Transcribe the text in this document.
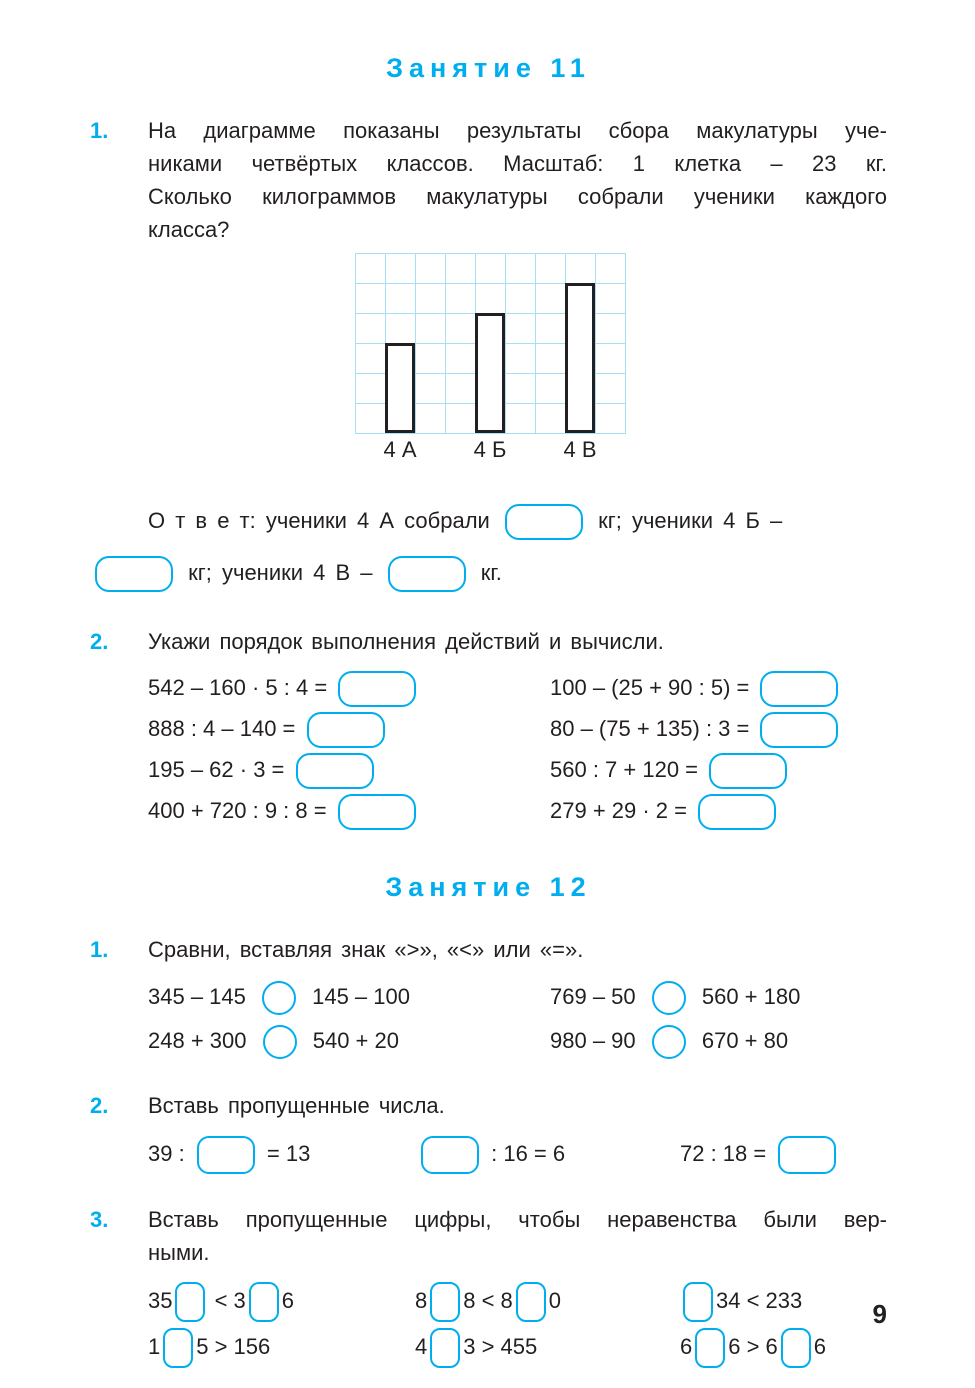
Занятие 11
1.	На диаграмме показаны результаты сбора макулатуры уче-
никами четвёртых классов. Масштаб: 1 клетка – 23 кг.
Сколько килограммов макулатуры собрали ученики каждого
класса?
4 А	4 Б	4 В
О т в е т: ученики 4 А собрали	кг; ученики 4 Б –
кг; ученики 4 В –	кг.
2.	Укажи порядок выполнения действий и вычисли.
542 – 160 · 5 : 4 =	100 – (25 + 90 : 5) =
888 : 4 – 140 =	80 – (75 + 135) : 3 =
195 – 62 · 3 =	560 : 7 + 120 =
400 + 720 : 9 : 8 =	279 + 29 · 2 =
Занятие 12
1.	Сравни, вставляя знак «>», «<» или «=».
345 – 145  145 – 100	769 – 50  560 + 180
248 + 300  540 + 20	980 – 90  670 + 80
2.	Вставь пропущенные числа.
39 :	= 13	: 16 = 6	72 : 18 =
3.	Вставь пропущенные цифры, чтобы неравенства были вер-
ными.
35 < 3 6	8 8 < 8 0	34 < 233
1 5 > 156	4 3 > 455	6 6 > 6 6
9
